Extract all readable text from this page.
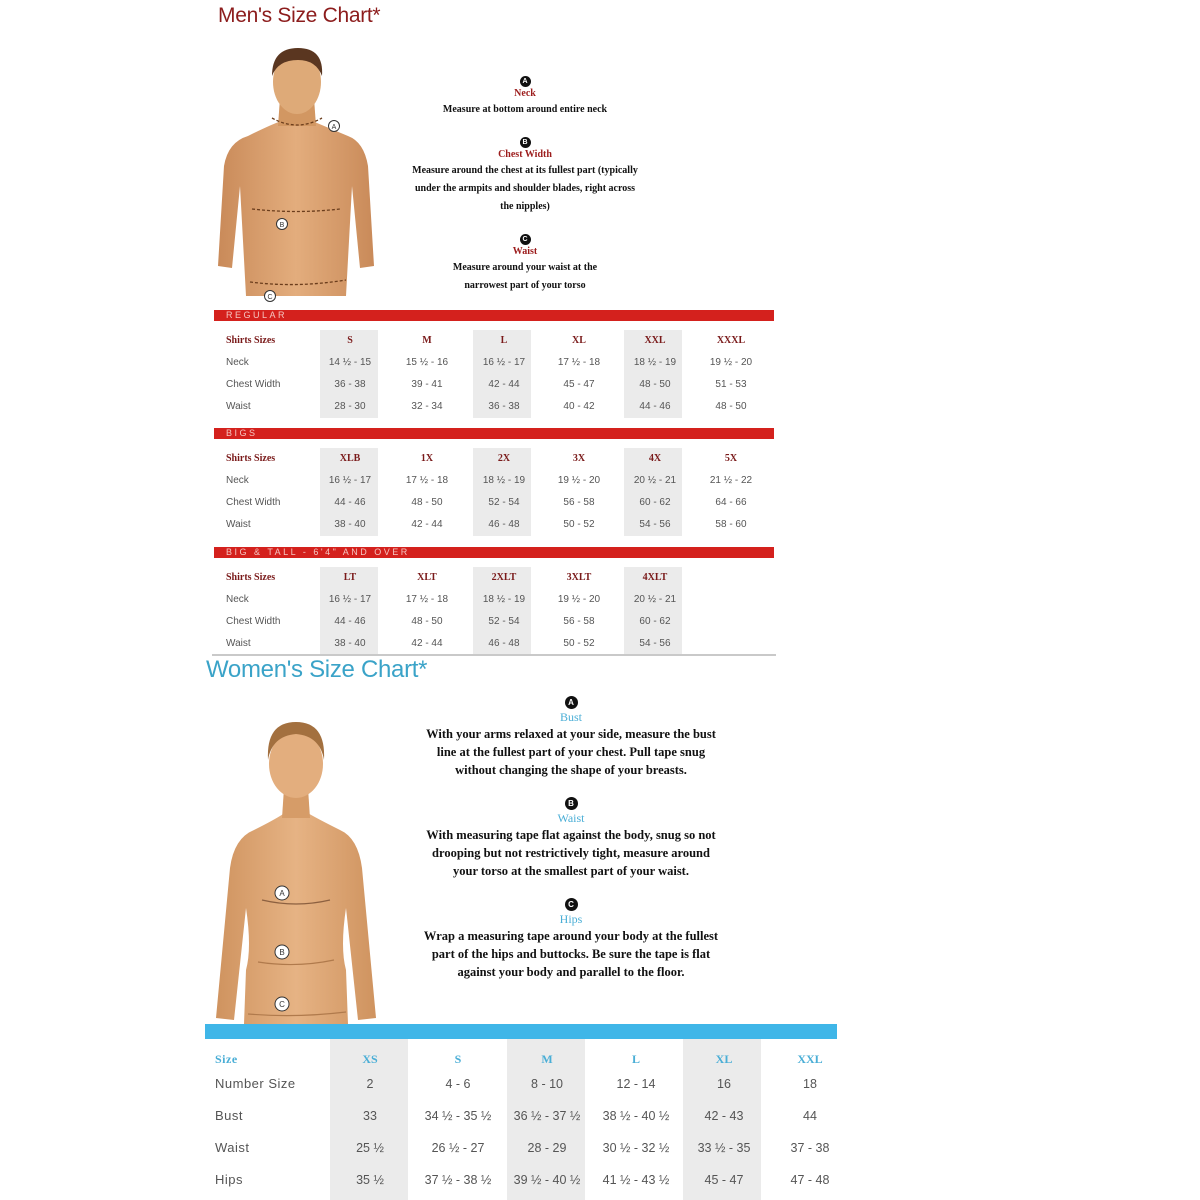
Men's Size Chart*
A
B
C
A
Neck
Measure at bottom around entire neck
B
Chest Width
Measure around the chest at its fullest part (typically under the armpits and shoulder blades, right across the nipples)
C
Waist
Measure around your waist at the narrowest part of your torso
REGULAR
Shirts Sizes	S	M	L	XL	XXL	XXXL
Neck	14 ½ - 15	15 ½ - 16	16 ½ - 17	17 ½ - 18	18 ½ - 19	19 ½ - 20
Chest Width	36 - 38	39 - 41	42 - 44	45 - 47	48 - 50	51 - 53
Waist	28 - 30	32 - 34	36 - 38	40 - 42	44 - 46	48 - 50
BIGS
Shirts Sizes	XLB	1X	2X	3X	4X	5X
Neck	16 ½ - 17	17 ½ - 18	18 ½ - 19	19 ½ - 20	20 ½ - 21	21 ½ - 22
Chest Width	44 - 46	48 - 50	52 - 54	56 - 58	60 - 62	64 - 66
Waist	38 - 40	42 - 44	46 - 48	50 - 52	54 - 56	58 - 60
BIG & TALL - 6'4" AND OVER
Shirts Sizes	LT	XLT	2XLT	3XLT	4XLT
Neck	16 ½ - 17	17 ½ - 18	18 ½ - 19	19 ½ - 20	20 ½ - 21
Chest Width	44 - 46	48 - 50	52 - 54	56 - 58	60 - 62
Waist	38 - 40	42 - 44	46 - 48	50 - 52	54 - 56
Women's Size Chart*
A
B
C
A
Bust
With your arms relaxed at your side, measure the bust line at the fullest part of your chest. Pull tape snug without changing the shape of your breasts.
B
Waist
With measuring tape flat against the body, snug so not drooping but not restrictively tight, measure around your torso at the smallest part of your waist.
C
Hips
Wrap a measuring tape around your body at the fullest part of the hips and buttocks. Be sure the tape is flat against your body and parallel to the floor.
Size	XS	S	M	L	XL	XXL
Number Size	2	4 - 6	8 - 10	12 - 14	16	18
Bust	33	34 ½ - 35 ½	36 ½ - 37 ½	38 ½ - 40 ½	42 - 43	44
Waist	25 ½	26 ½ - 27	28 - 29	30 ½ - 32 ½	33 ½ - 35	37 - 38
Hips	35 ½	37 ½ - 38 ½	39 ½ - 40 ½	41 ½ - 43 ½	45 - 47	47 - 48
